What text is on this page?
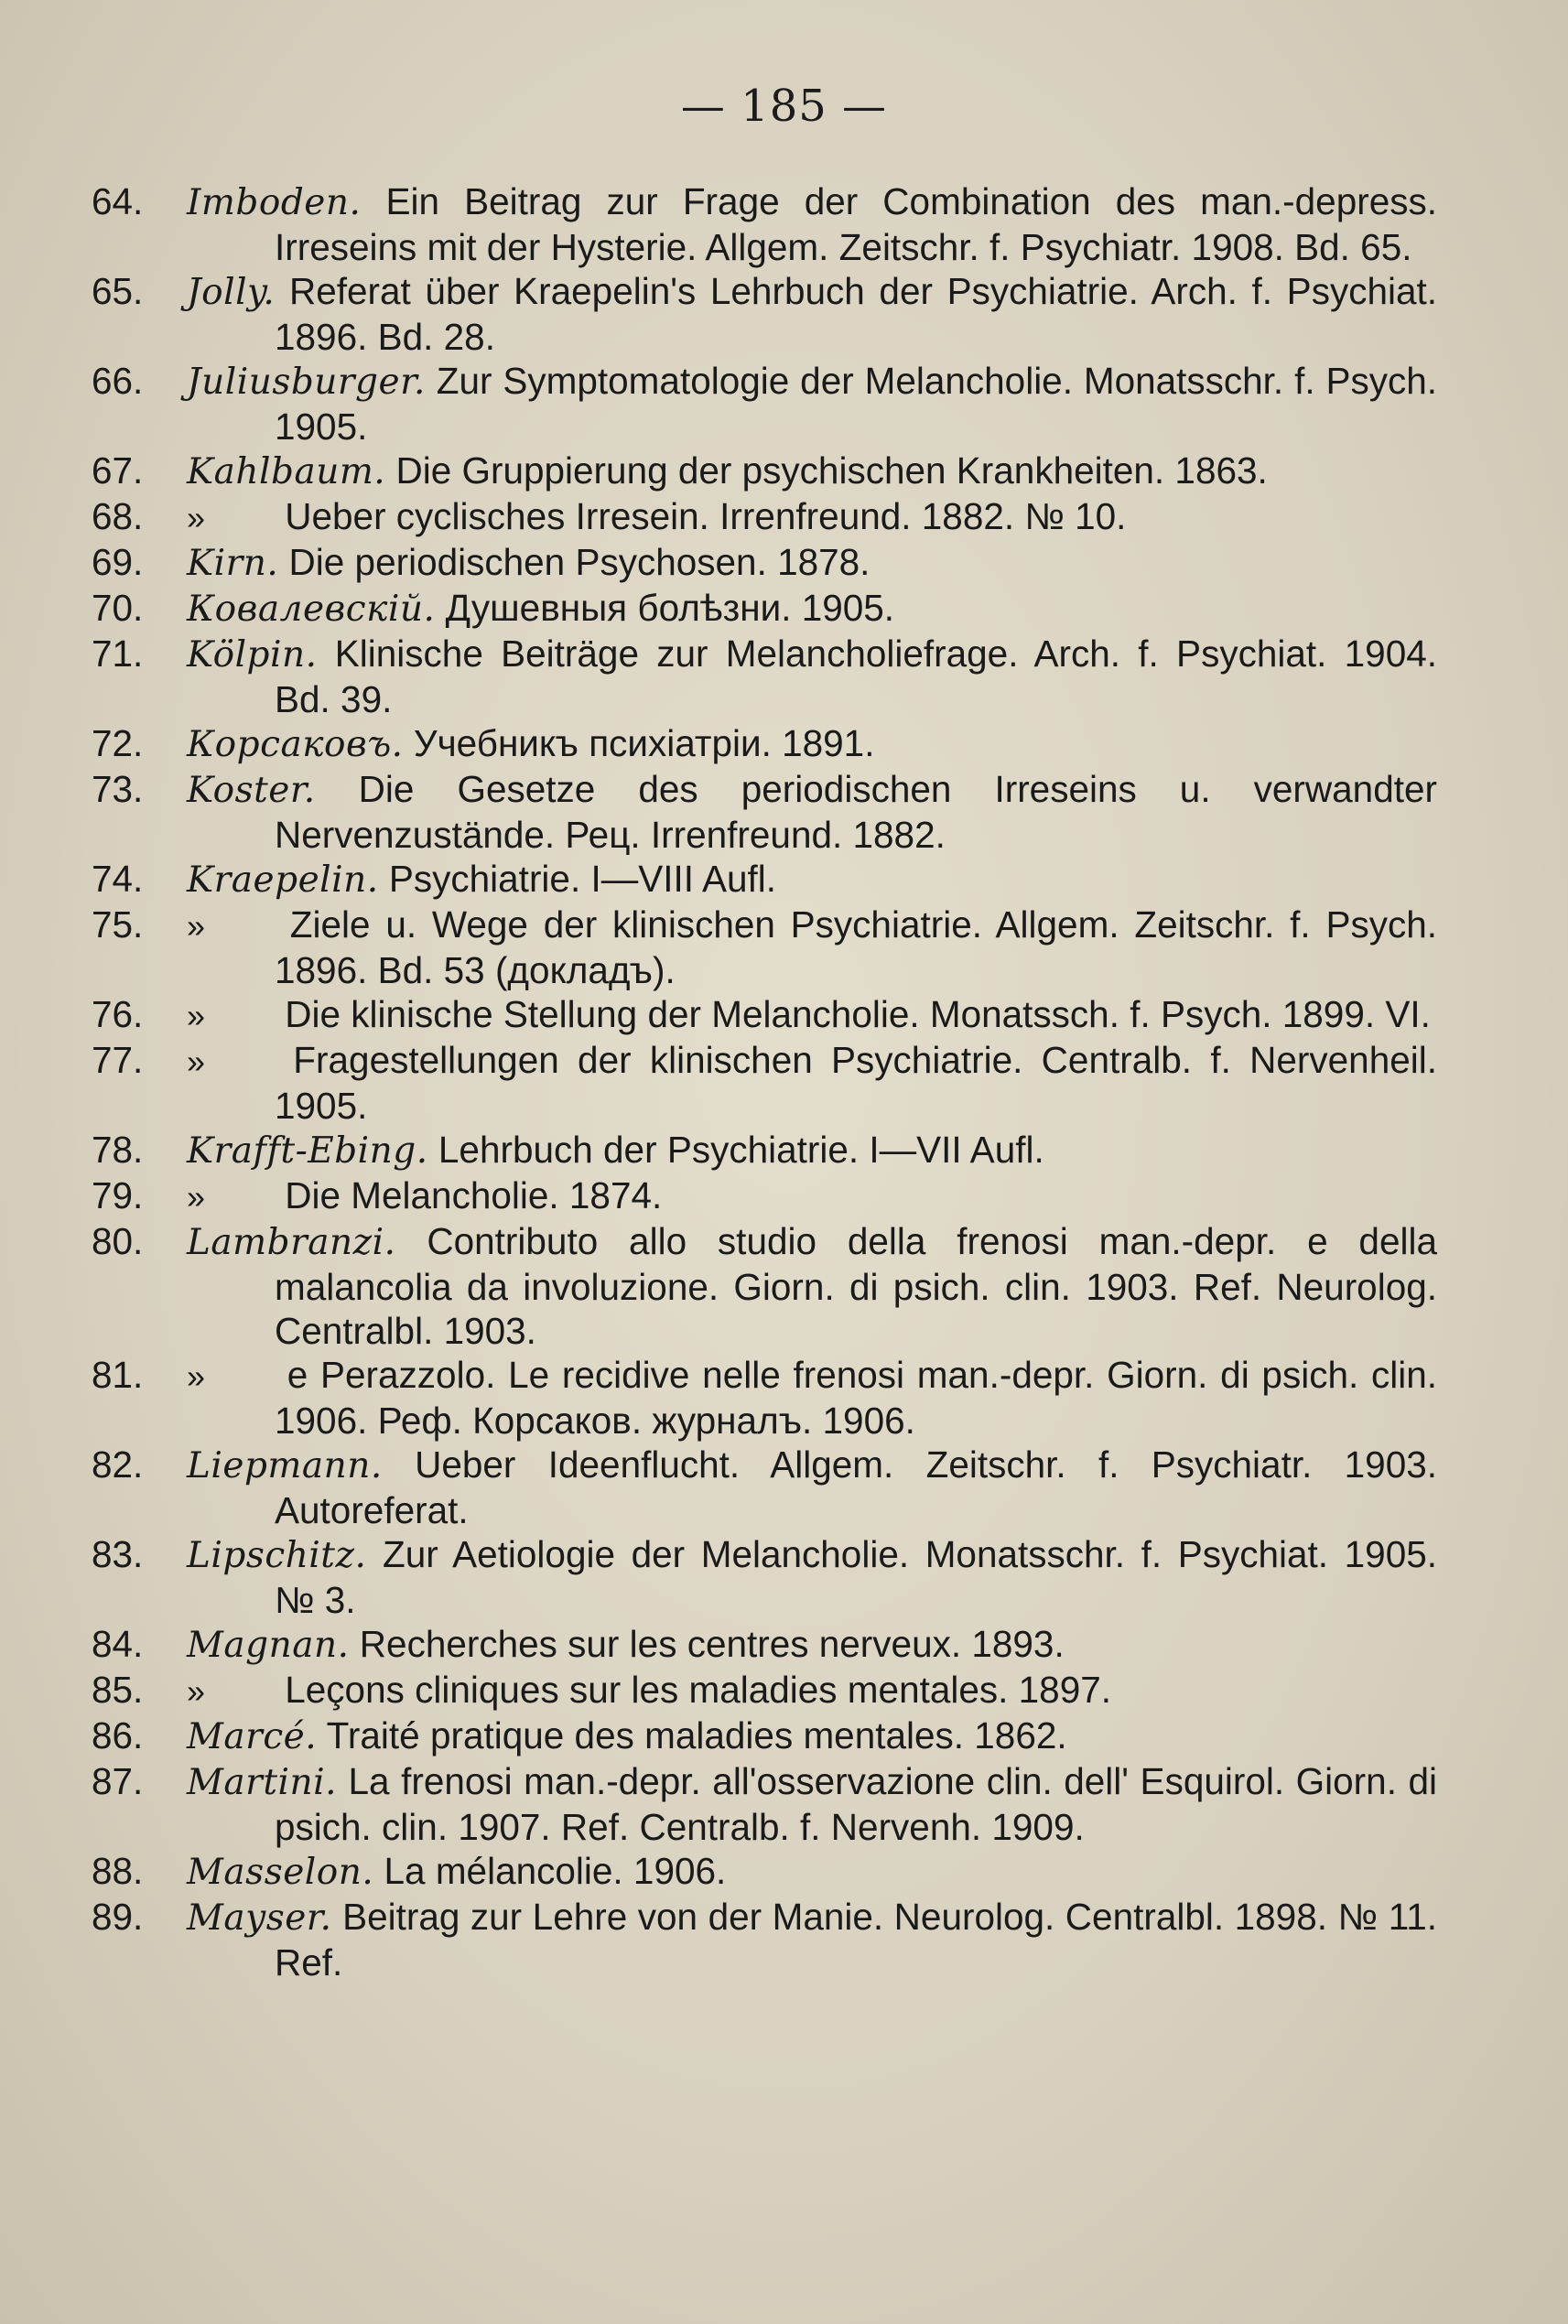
— 185 —
64.	Imboden. Ein Beitrag zur Frage der Combination des man.-depress. Irreseins mit der Hysterie. Allgem. Zeitschr. f. Psychiatr. 1908. Bd. 65.
65.	Jolly. Referat über Kraepelin's Lehrbuch der Psychiatrie. Arch. f. Psychiat. 1896. Bd. 28.
66.	Juliusburger. Zur Symptomatologie der Melancholie. Monatsschr. f. Psych. 1905.
67.	Kahlbaum. Die Gruppierung der psychischen Krankheiten. 1863.
68.	» Ueber cyclisches Irresein. Irrenfreund. 1882. № 10.
69.	Kirn. Die periodischen Psychosen. 1878.
70.	Ковалевскій. Душевныя болѣзни. 1905.
71.	Kölpin. Klinische Beiträge zur Melancholiefrage. Arch. f. Psychiat. 1904. Bd. 39.
72.	Корсаковъ. Учебникъ психіатріи. 1891.
73.	Koster. Die Gesetze des periodischen Irreseins u. verwandter Nervenzustände. Рец. Irrenfreund. 1882.
74.	Kraepelin. Psychiatrie. I—VIII Aufl.
75.	» Ziele u. Wege der klinischen Psychiatrie. Allgem. Zeitschr. f. Psych. 1896. Bd. 53 (докладъ).
76.	» Die klinische Stellung der Melancholie. Monatssch. f. Psych. 1899. VI.
77.	» Fragestellungen der klinischen Psychiatrie. Centralb. f. Nervenheil. 1905.
78.	Krafft-Ebing. Lehrbuch der Psychiatrie. I—VII Aufl.
79.	» Die Melancholie. 1874.
80.	Lambranzi. Contributo allo studio della frenosi man.-depr. e della malancolia da involuzione. Giorn. di psich. clin. 1903. Ref. Neurolog. Centralbl. 1903.
81.	» e Perazzolo. Le recidive nelle frenosi man.-depr. Giorn. di psich. clin. 1906. Реф. Корсаков. журналъ. 1906.
82.	Liepmann. Ueber Ideenflucht. Allgem. Zeitschr. f. Psychiatr. 1903. Autoreferat.
83.	Lipschitz. Zur Aetiologie der Melancholie. Monatsschr. f. Psychiat. 1905. № 3.
84.	Magnan. Recherches sur les centres nerveux. 1893.
85.	» Leçons cliniques sur les maladies mentales. 1897.
86.	Marcé. Traité pratique des maladies mentales. 1862.
87.	Martini. La frenosi man.-depr. all'osservazione clin. dell' Esquirol. Giorn. di psich. clin. 1907. Ref. Centralb. f. Nervenh. 1909.
88.	Masselon. La mélancolie. 1906.
89.	Mayser. Beitrag zur Lehre von der Manie. Neurolog. Centralbl. 1898. № 11. Ref.
